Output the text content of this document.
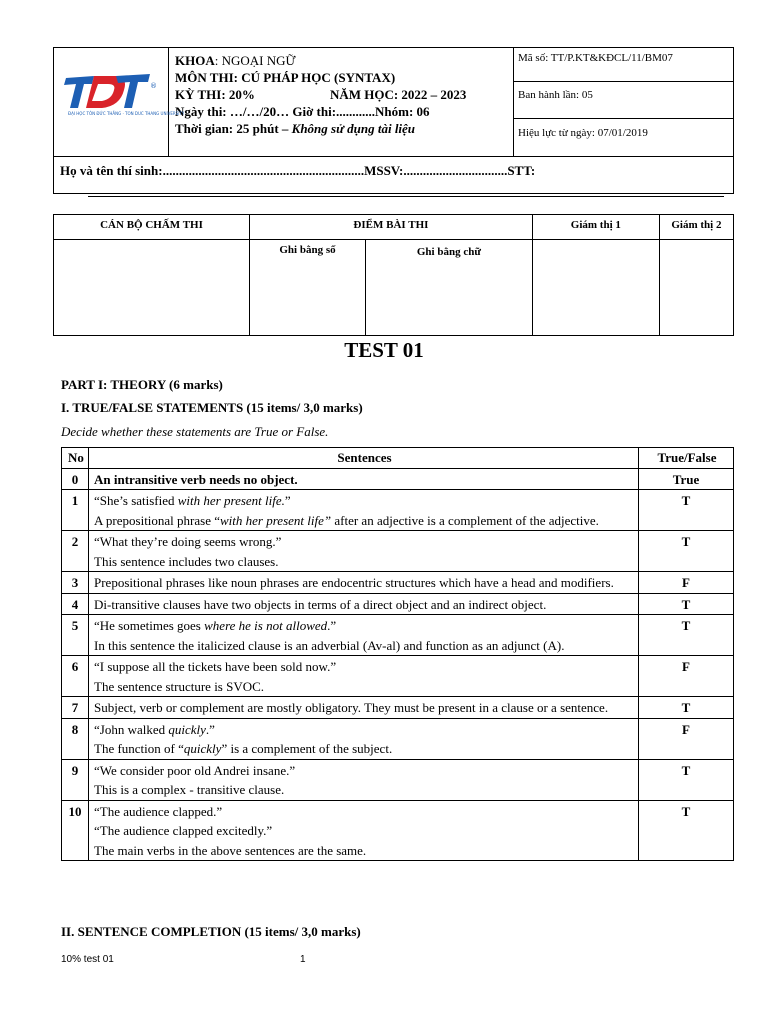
®
ĐẠI HỌC TÔN ĐỨC THẮNG · TON DUC THANG UNIVERSITY

KHOA: NGOẠI NGỮ
MÔN THI: CÚ PHÁP HỌC (SYNTAX)
KỲ THI: 20%	NĂM HỌC: 2022 – 2023
Ngày thi: …/…/20… Giờ thi:............Nhóm: 06
Thời gian: 25 phút – Không sử dụng tài liệu
	Mã số: TT/P.KT&KĐCL/11/BM07
Ban hành lần: 05
Hiệu lực từ ngày: 07/01/2019
Họ và tên thí sinh:..............................................................MSSV:................................STT:
CÁN BỘ CHẤM THI	ĐIỂM BÀI THI		Giám thị 1	Giám thị 2
	Ghi bằng số	Ghi bằng chữ		

TEST 01
PART I: THEORY (6 marks)
I. TRUE/FALSE STATEMENTS (15 items/ 3,0 marks)
Decide whether these statements are True or False.
No	Sentences	True/False
0	An intransitive verb needs no object.	True
1	“She’s satisfied with her present life.”
A prepositional phrase “with her present life” after an adjective is a complement of the adjective.	T
2	“What they’re doing seems wrong.”
This sentence includes two clauses.	T
3	Prepositional phrases like noun phrases are endocentric structures which have a head and modifiers.	F
4	Di-transitive clauses have two objects in terms of a direct object and an indirect object.	T
5	“He sometimes goes where he is not allowed.”
In this sentence the italicized clause is an adverbial (Av-al) and function as an adjunct (A).	T
6	“I suppose all the tickets have been sold now.”
The sentence structure is SVOC.	F
7	Subject, verb or complement are mostly obligatory. They must be present in a clause or a sentence.	T
8	“John walked quickly.”
The function of “quickly” is a complement of the subject.	F
9	“We consider poor old Andrei insane.”
This is a complex - transitive clause.	T
10	“The audience clapped.”
“The audience clapped excitedly.”
The main verbs in the above sentences are the same.	T
II. SENTENCE COMPLETION (15 items/ 3,0 marks)
10% test 01	1
